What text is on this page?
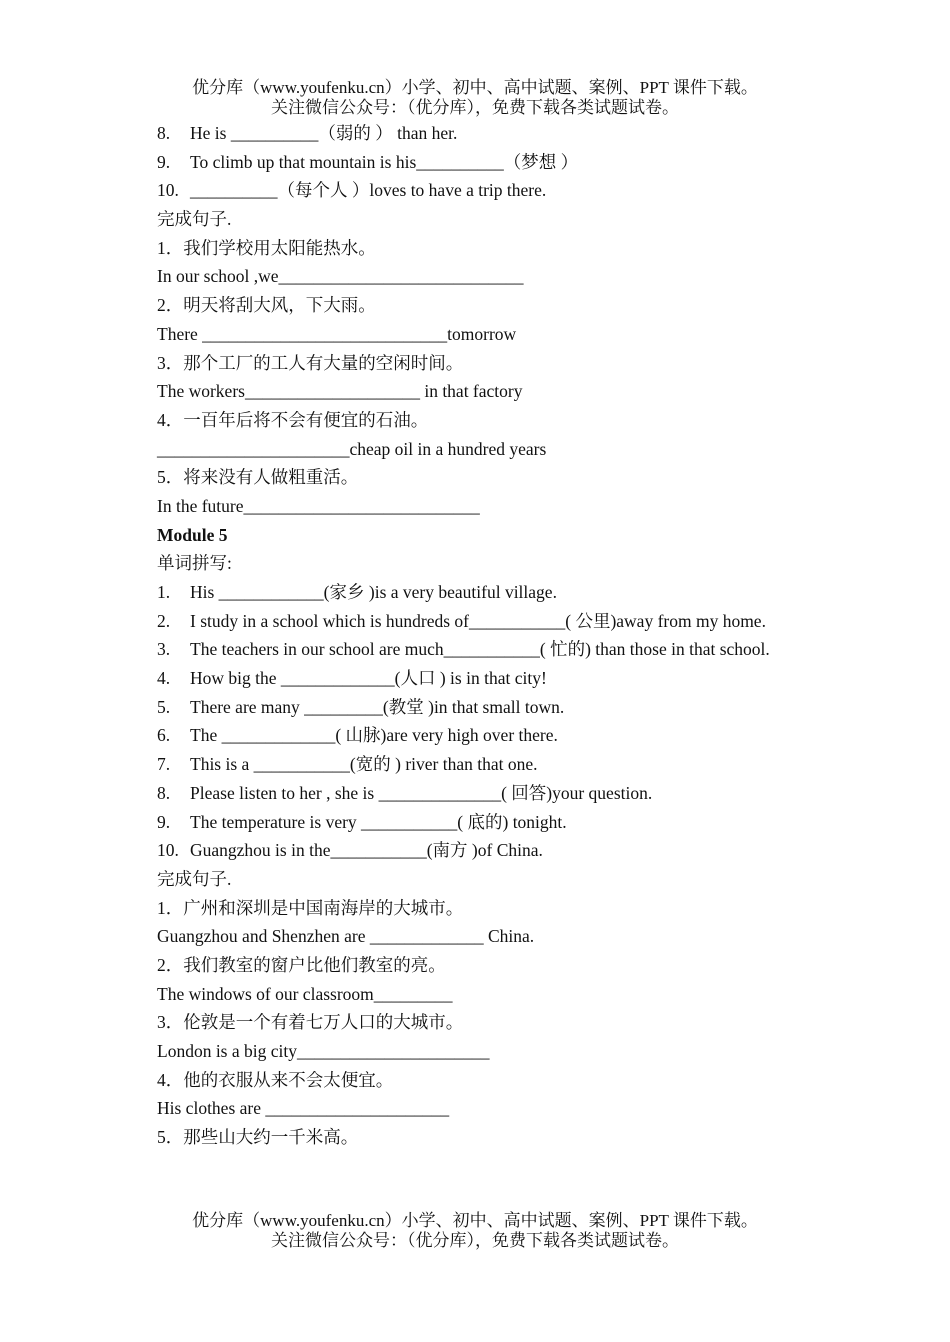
优分库（www.youfenku.cn）小学、初中、高中试题、案例、PPT 课件下载。
关注微信公众号：（优分库），免费下载各类试题试卷。
8.	He is __________（弱的 ） than her.
9.	To climb up that mountain is his__________（梦想 ）
10. __________（每个人 ）loves to have a trip there.
完成句子.
1．我们学校用太阳能热水。
In our school ,we____________________________
2．明天将刮大风，下大雨。
There ____________________________tomorrow
3．那个工厂的工人有大量的空闲时间。
The workers____________________ in that factory
4．一百年后将不会有便宜的石油。
______________________cheap oil in a hundred years
5．将来没有人做粗重活。
In the future___________________________
Module 5
单词拼写:
1.	His ____________(家乡 )is a very beautiful village.
2.	I study in a school which is hundreds of___________( 公里)away from my home.
3.	The teachers in our school are much___________( 忙的) than those in that school.
4.	How big the _____________(人口 ) is in that city!
5.	There are many _________(教堂 )in that small town.
6.	The _____________( 山脉)are very high over there.
7.	This is a ___________(宽的 ) river than that one.
8.	Please listen to her , she is ______________( 回答)your question.
9.	The temperature is very ___________( 底的) tonight.
10. Guangzhou is in the___________(南方 )of China.
完成句子.
1．广州和深圳是中国南海岸的大城市。
Guangzhou and Shenzhen are _____________ China.
2．我们教室的窗户比他们教室的亮。
The windows of our classroom_________
3．伦敦是一个有着七万人口的大城市。
London is a big city______________________
4．他的衣服从来不会太便宜。
His clothes are _____________________
5．那些山大约一千米高。
优分库（www.youfenku.cn）小学、初中、高中试题、案例、PPT 课件下载。
关注微信公众号：（优分库），免费下载各类试题试卷。
